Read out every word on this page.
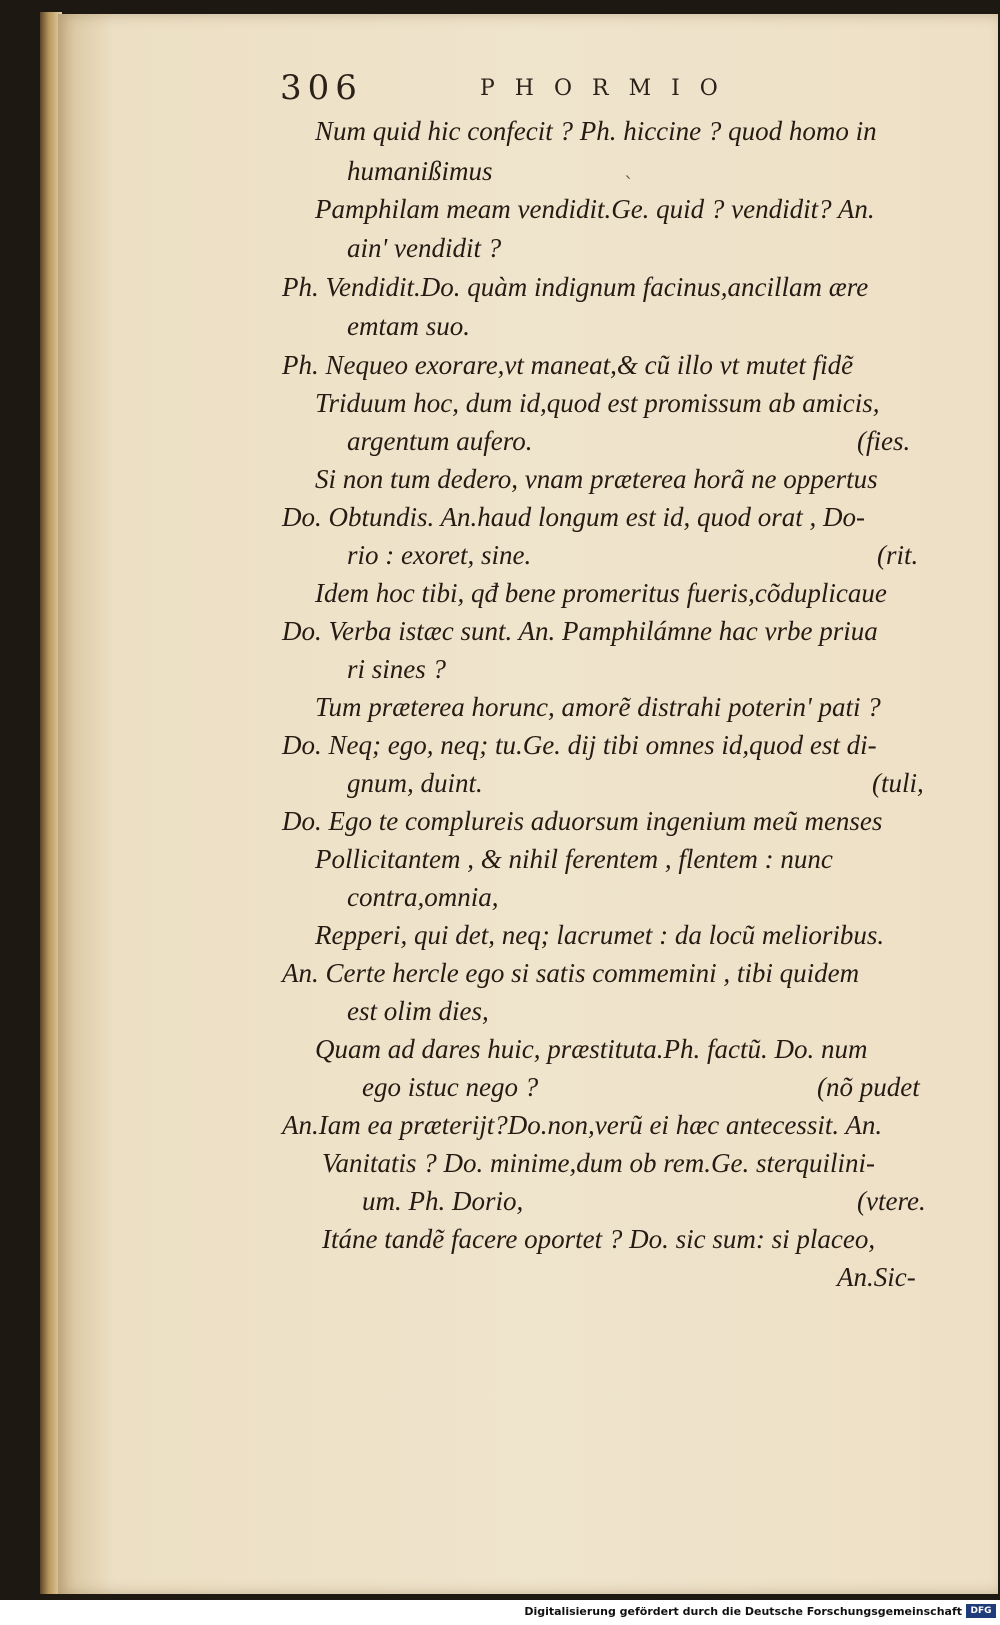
ˋ
306	PHORMIO
Num quid hic confecit ? Ph. hiccine ? quod homo in
humanißimus
Pamphilam meam vendidit.Ge. quid ? vendidit? An.
ain' vendidit ?
Ph. Vendidit.Do. quàm indignum facinus,ancillam ære
emtam suo.
Ph. Nequeo exorare,vt maneat,& cũ illo vt mutet fidẽ
Triduum hoc, dum id,quod est promissum ab amicis,
argentum aufero.	(fies.
Si non tum dedero, vnam præterea horã ne oppertus
Do. Obtundis. An.haud longum est id, quod orat , Do-
rio : exoret, sine.	(rit.
Idem hoc tibi, qđ bene promeritus fueris,cõduplicaue
Do. Verba istæc sunt. An. Pamphilámne hac vrbe priua
ri sines ?
Tum præterea horunc, amorẽ distrahi poterin' pati ?
Do. Neq; ego, neq; tu.Ge. dij tibi omnes id,quod est di-
gnum, duint.	(tuli,
Do. Ego te complureis aduorsum ingenium meũ menses
Pollicitantem , & nihil ferentem , flentem : nunc
contra,omnia,
Repperi, qui det, neq; lacrumet : da locũ melioribus.
An. Certe hercle ego si satis commemini , tibi quidem
est olim dies,
Quam ad dares huic, præstituta.Ph. factũ. Do. num
ego istuc nego ?	(nõ pudet
An.Iam ea præterijt?Do.non,verũ ei hæc antecessit. An.
Vanitatis ? Do. minime,dum ob rem.Ge. sterquilini-
um. Ph. Dorio,	(vtere.
Itáne tandẽ facere oportet ? Do. sic sum: si placeo,
An.Sic-
Digitalisierung gefördert durch die Deutsche Forschungsgemeinschaft DFG
